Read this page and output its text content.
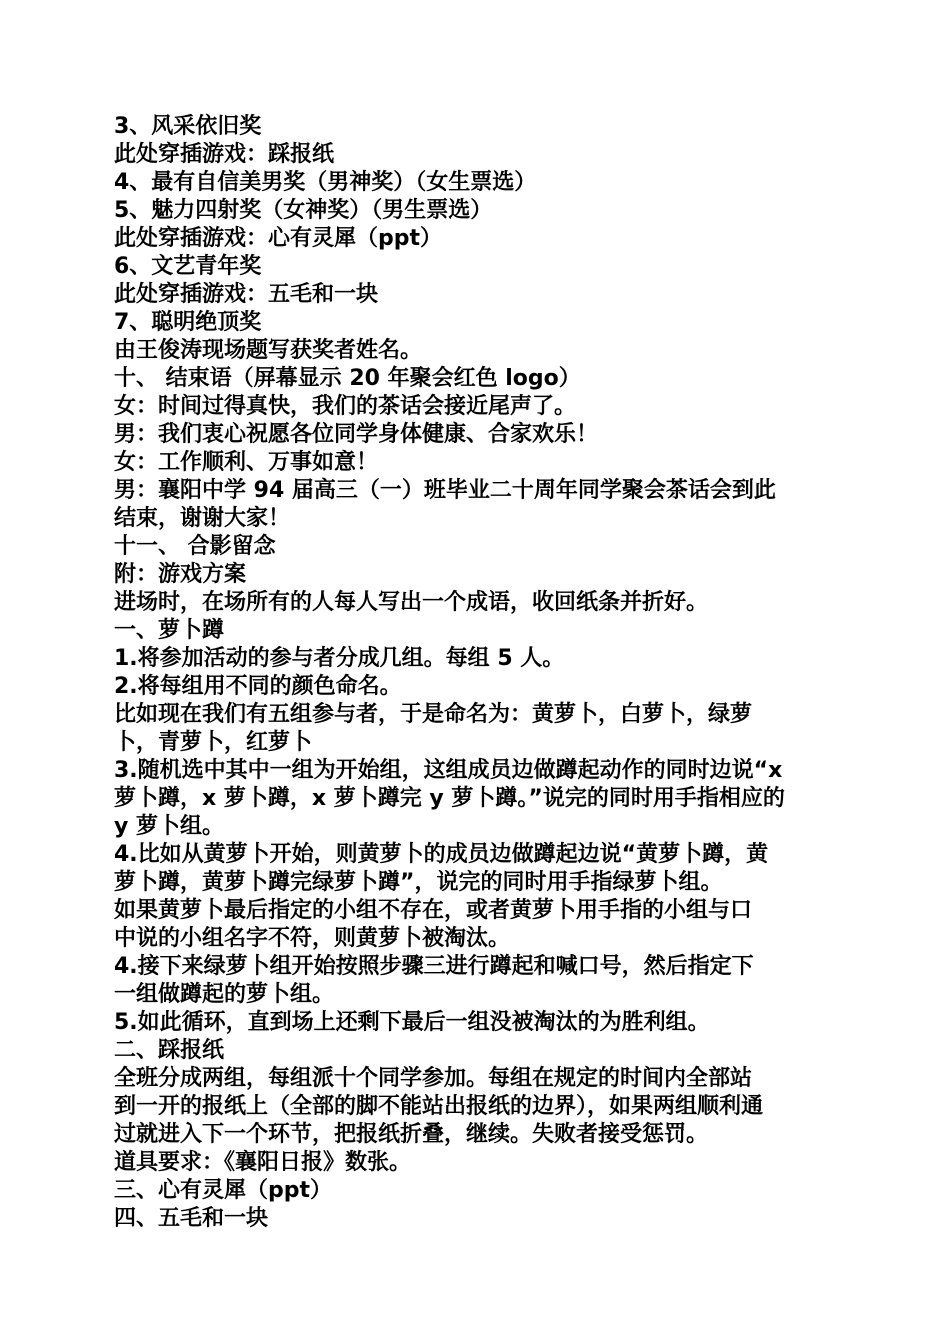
3、风采依旧奖
此处穿插游戏：踩报纸
4、最有自信美男奖（男神奖）（女生票选）
5、魅力四射奖（女神奖）（男生票选）
此处穿插游戏：心有灵犀（ppt）
6、文艺青年奖
此处穿插游戏：五毛和一块
7、聪明绝顶奖
由王俊涛现场题写获奖者姓名。
十、 结束语（屏幕显示 20 年聚会红色 logo）
女：时间过得真快，我们的茶话会接近尾声了。
男：我们衷心祝愿各位同学身体健康、合家欢乐！
女：工作顺利、万事如意！
男：襄阳中学 94 届高三（一）班毕业二十周年同学聚会茶话会到此
结束，谢谢大家！
十一、 合影留念
附：游戏方案
进场时，在场所有的人每人写出一个成语，收回纸条并折好。
一、萝卜蹲
1.将参加活动的参与者分成几组。每组 5 人。
2.将每组用不同的颜色命名。
比如现在我们有五组参与者，于是命名为：黄萝卜，白萝卜，绿萝
卜，青萝卜，红萝卜
3.随机选中其中一组为开始组，这组成员边做蹲起动作的同时边说“x
萝卜蹲，x 萝卜蹲，x 萝卜蹲完 y 萝卜蹲。”说完的同时用手指相应的
y 萝卜组。
4.比如从黄萝卜开始，则黄萝卜的成员边做蹲起边说“黄萝卜蹲，黄
萝卜蹲，黄萝卜蹲完绿萝卜蹲”，说完的同时用手指绿萝卜组。
如果黄萝卜最后指定的小组不存在，或者黄萝卜用手指的小组与口
中说的小组名字不符，则黄萝卜被淘汰。
4.接下来绿萝卜组开始按照步骤三进行蹲起和喊口号，然后指定下
一组做蹲起的萝卜组。
5.如此循环，直到场上还剩下最后一组没被淘汰的为胜利组。
二、踩报纸
全班分成两组，每组派十个同学参加。每组在规定的时间内全部站
到一开的报纸上（全部的脚不能站出报纸的边界），如果两组顺利通
过就进入下一个环节，把报纸折叠，继续。失败者接受惩罚。
道具要求：《襄阳日报》数张。
三、心有灵犀（ppt）
四、五毛和一块
